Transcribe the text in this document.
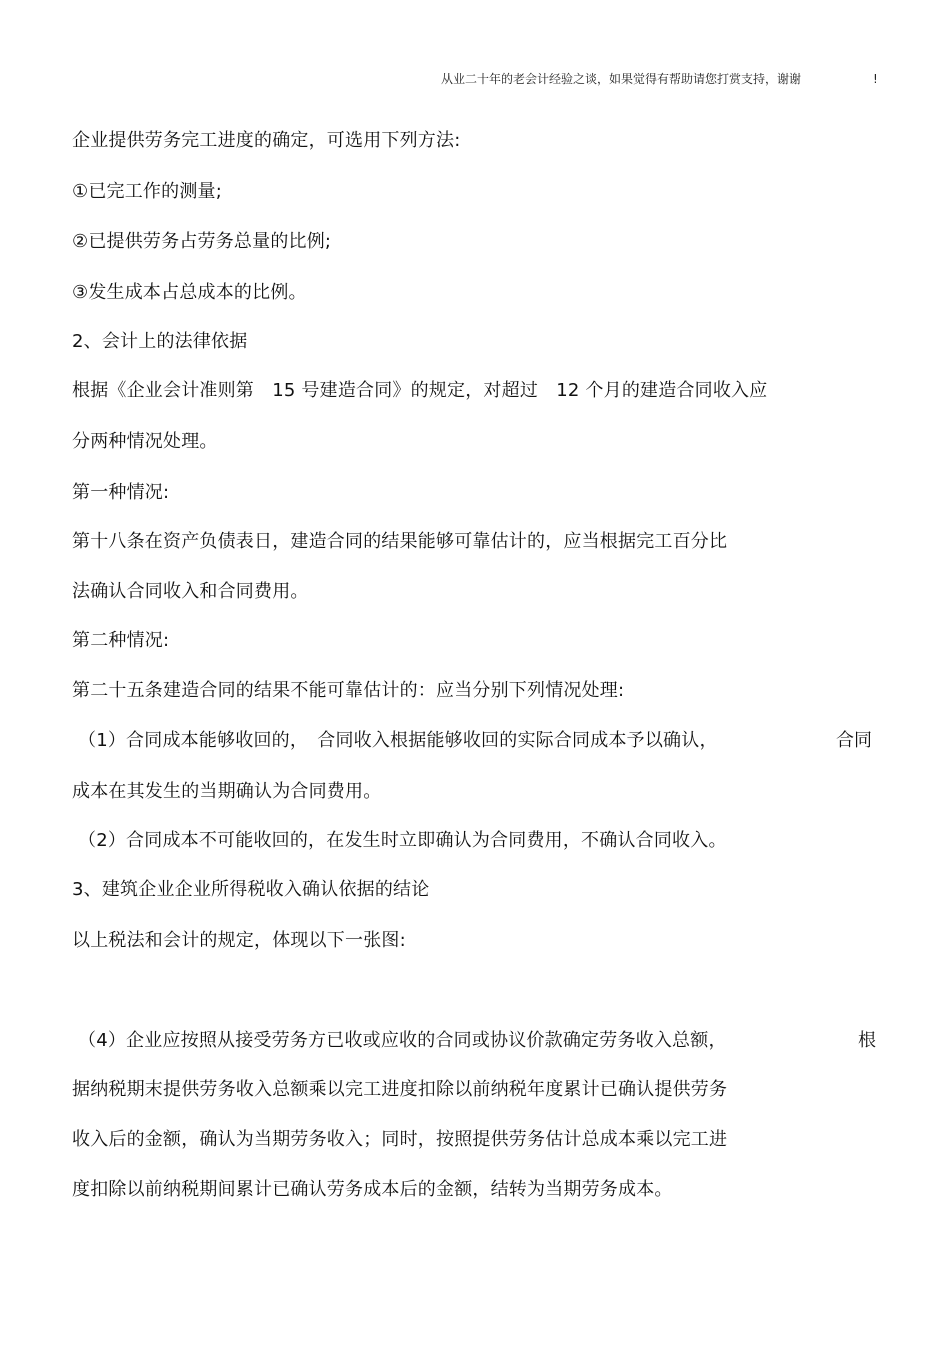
从业二十年的老会计经验之谈，如果觉得有帮助请您打赏支持，谢谢	!
企业提供劳务完工进度的确定，可选用下列方法:
①已完工作的测量;
②已提供劳务占劳务总量的比例;
③发生成本占总成本的比例。
2、会计上的法律依据
根据《企业会计准则第　15 号建造合同》的规定，对超过　12 个月的建造合同收入应
分两种情况处理。
第一种情况:
第十八条在资产负债表日，建造合同的结果能够可靠估计的，应当根据完工百分比
法确认合同收入和合同费用。
第二种情况:
第二十五条建造合同的结果不能可靠估计的：应当分别下列情况处理:
（1）合同成本能够收回的，　合同收入根据能够收回的实际合同成本予以确认，	合同
成本在其发生的当期确认为合同费用。
（2）合同成本不可能收回的，在发生时立即确认为合同费用，不确认合同收入。
3、建筑企业企业所得税收入确认依据的结论
以上税法和会计的规定，体现以下一张图:
（4）企业应按照从接受劳务方已收或应收的合同或协议价款确定劳务收入总额，	根
据纳税期末提供劳务收入总额乘以完工进度扣除以前纳税年度累计已确认提供劳务
收入后的金额，确认为当期劳务收入；同时，按照提供劳务估计总成本乘以完工进
度扣除以前纳税期间累计已确认劳务成本后的金额，结转为当期劳务成本。
